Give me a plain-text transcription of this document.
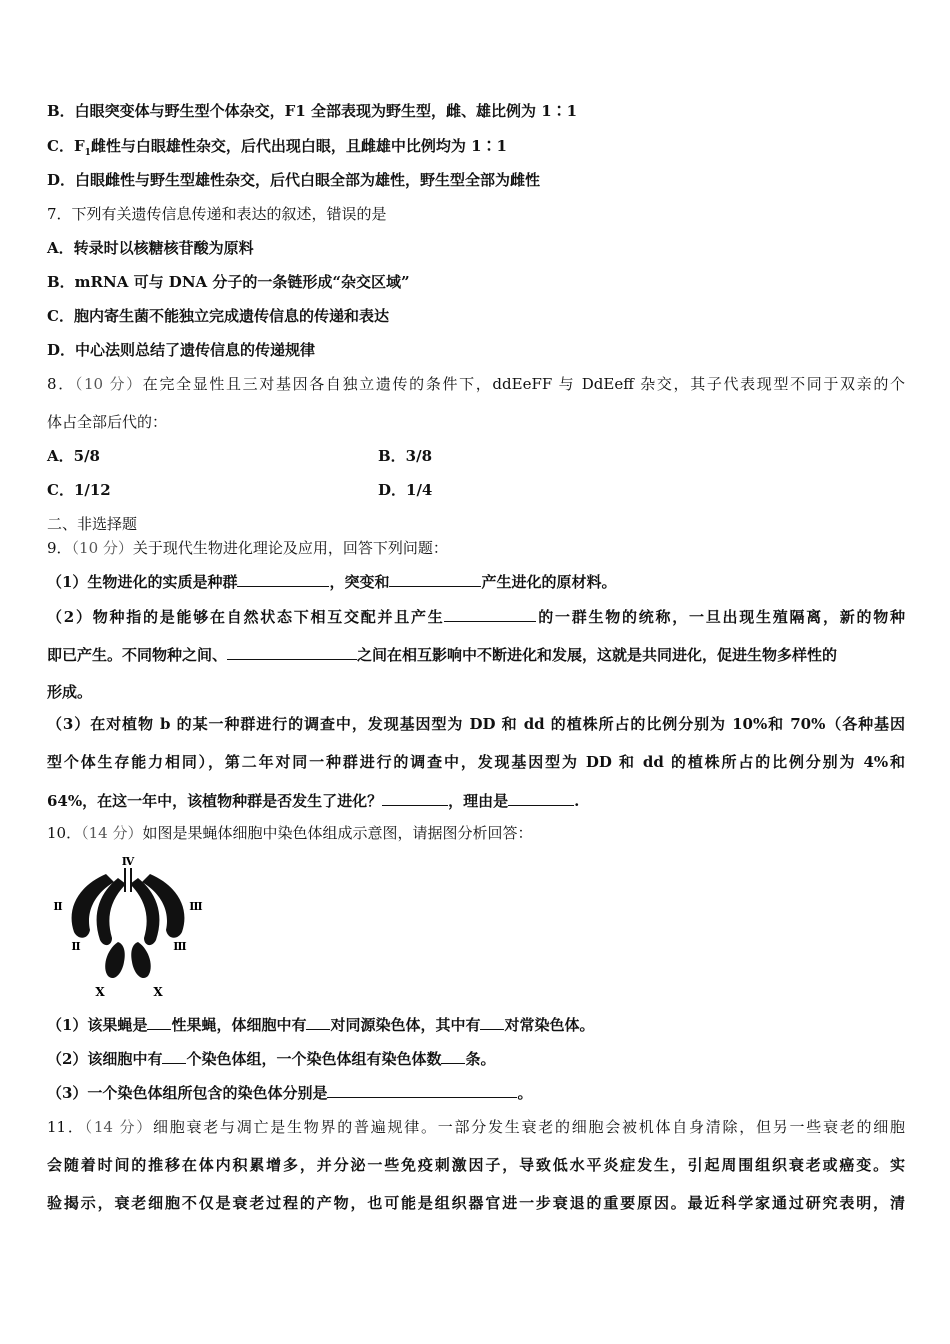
B．白眼突变体与野生型个体杂交，F1 全部表现为野生型，雌、雄比例为 1∶1
C．$F_1$雌性与白眼雄性杂交，后代出现白眼，且雌雄中比例均为 1∶1
D．白眼雌性与野生型雄性杂交，后代白眼全部为雄性，野生型全部为雌性
7．下列有关遗传信息传递和表达的叙述，错误的是
A．转录时以核糖核苷酸为原料
B．mRNA 可与 DNA 分子的一条链形成“杂交区域”
C．胞内寄生菌不能独立完成遗传信息的传递和表达
D．中心法则总结了遗传信息的传递规律
8．（10 分）在完全显性且三对基因各自独立遗传的条件下，ddEeFF 与 DdEeff 杂交，其子代表现型不同于双亲的个
体占全部后代的：
A．5/8	B．3/8
C．1/12	D．1/4
二、非选择题
9．（10 分）关于现代生物进化理论及应用，回答下列问题：
（1）生物进化的实质是种群	，突变和	产生进化的原材料。
（2）物种指的是能够在自然状态下相互交配并且产生	的一群生物的统称，一旦出现生殖隔离，新的物种
即已产生。不同物种之间、	之间在相互影响中不断进化和发展，这就是共同进化，促进生物多样性的
形成。
（3）在对植物 b 的某一种群进行的调查中，发现基因型为 DD 和 dd 的植株所占的比例分别为 10%和 70%（各种基因
型个体生存能力相同），第二年对同一种群进行的调查中，发现基因型为 DD 和 dd 的植株所占的比例分别为 4%和
64%，在这一年中，该植物种群是否发生了进化？	，理由是	.
10．（14 分）如图是果蝇体细胞中染色体组成示意图，请据图分析回答：
Ⅳ
Ⅱ	Ⅲ
Ⅱ	Ⅲ
X	X
（1）该果蝇是 性果蝇，体细胞中有 对同源染色体，其中有 对常染色体。
（2）该细胞中有 个染色体组，一个染色体组有染色体数 条。
（3）一个染色体组所包含的染色体分别是	。
11．（14 分）细胞衰老与凋亡是生物界的普遍规律。一部分发生衰老的细胞会被机体自身清除，但另一些衰老的细胞
会随着时间的推移在体内积累增多，并分泌一些免疫刺激因子，导致低水平炎症发生，引起周围组织衰老或癌变。实
验揭示，衰老细胞不仅是衰老过程的产物，也可能是组织器官进一步衰退的重要原因。最近科学家通过研究表明，清
